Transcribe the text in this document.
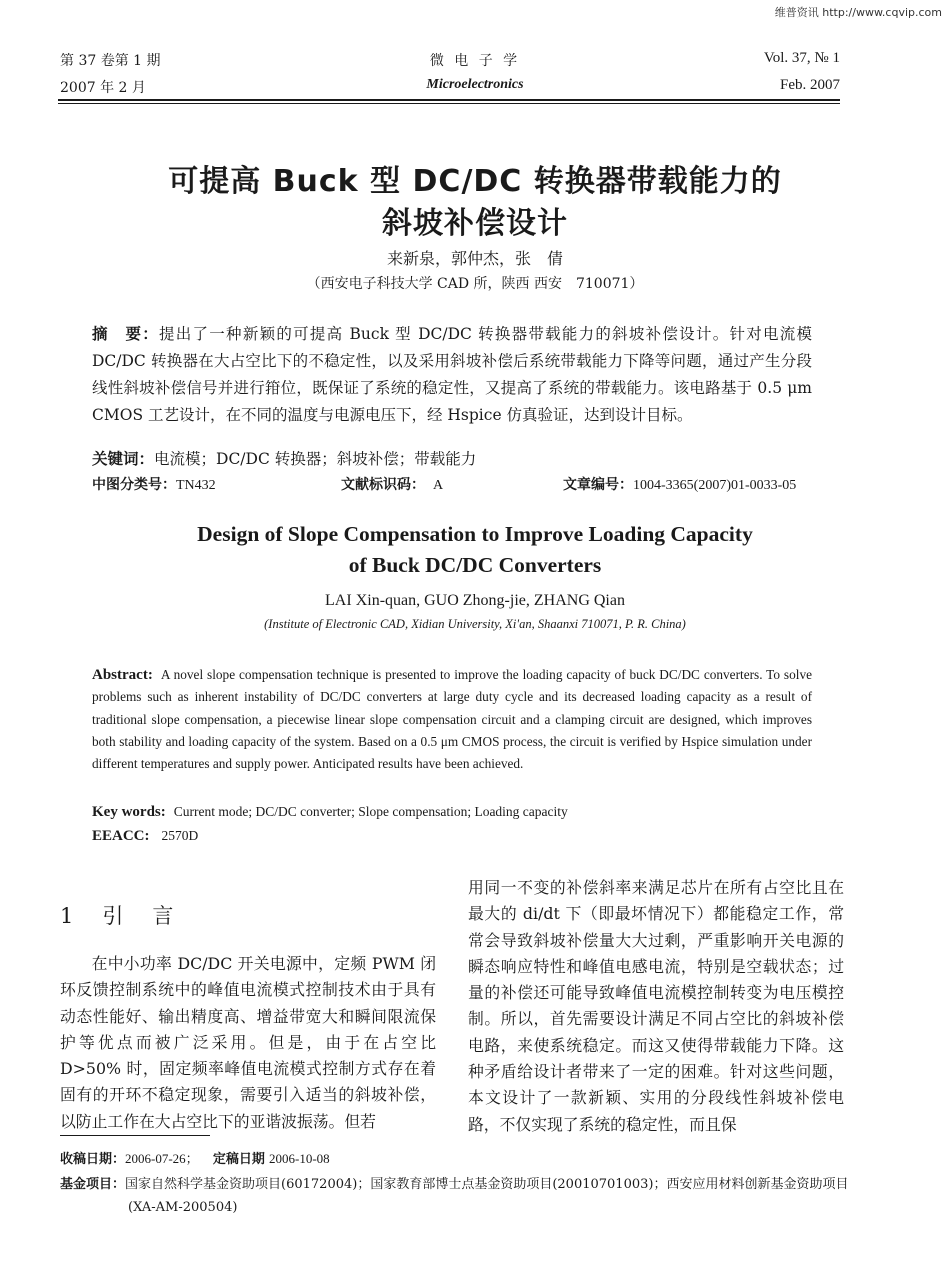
维普资讯 http://www.cqvip.com
第 37 卷第 1 期
2007 年 2 月
微 电 子 学
Microelectronics
Vol. 37, № 1
Feb. 2007
可提高 Buck 型 DC/DC 转换器带载能力的
斜坡补偿设计
来新泉，郭仲杰，张　倩
（西安电子科技大学 CAD 所，陕西 西安　710071）
摘　要：提出了一种新颖的可提高 Buck 型 DC/DC 转换器带载能力的斜坡补偿设计。针对电流模 DC/DC 转换器在大占空比下的不稳定性，以及采用斜坡补偿后系统带载能力下降等问题，通过产生分段线性斜坡补偿信号并进行箝位，既保证了系统的稳定性，又提高了系统的带载能力。该电路基于 0.5 μm CMOS 工艺设计，在不同的温度与电源电压下，经 Hspice 仿真验证，达到设计目标。
关键词：电流模；DC/DC 转换器；斜坡补偿；带载能力
中图分类号：TN432	文献标识码： A	文章编号：1004-3365(2007)01-0033-05
Design of Slope Compensation to Improve Loading Capacity
of Buck DC/DC Converters
LAI Xin-quan, GUO Zhong-jie, ZHANG Qian
(Institute of Electronic CAD, Xidian University, Xi'an, Shaanxi 710071, P. R. China)
Abstract: A novel slope compensation technique is presented to improve the loading capacity of buck DC/DC converters. To solve problems such as inherent instability of DC/DC converters at large duty cycle and its decreased loading capacity as a result of traditional slope compensation, a piecewise linear slope compensation circuit and a clamping circuit are designed, which improves both stability and loading capacity of the system. Based on a 0.5 μm CMOS process, the circuit is verified by Hspice simulation under different temperatures and supply power. Anticipated results have been achieved.
Key words: Current mode; DC/DC converter; Slope compensation; Loading capacity
EEACC: 2570D
1　引　言
在中小功率 DC/DC 开关电源中，定频 PWM 闭环反馈控制系统中的峰值电流模式控制技术由于具有动态性能好、输出精度高、增益带宽大和瞬间限流保护等优点而被广泛采用。但是，由于在占空比 D>50% 时，固定频率峰值电流模式控制方式存在着固有的开环不稳定现象，需要引入适当的斜坡补偿，以防止工作在大占空比下的亚谐波振荡。但若
用同一不变的补偿斜率来满足芯片在所有占空比且在最大的 di/dt 下（即最坏情况下）都能稳定工作，常常会导致斜坡补偿量大大过剩，严重影响开关电源的瞬态响应特性和峰值电感电流，特别是空载状态；过量的补偿还可能导致峰值电流模控制转变为电压模控制。所以，首先需要设计满足不同占空比的斜坡补偿电路，来使系统稳定。而这又使得带载能力下降。这种矛盾给设计者带来了一定的困难。针对这些问题，本文设计了一款新颖、实用的分段线性斜坡补偿电路，不仅实现了系统的稳定性，而且保
收稿日期：2006-07-26； 定稿日期 2006-10-08
基金项目：国家自然科学基金资助项目(60172004)；国家教育部博士点基金资助项目(20010701003)；西安应用材料创新基金资助项目(XA-AM-200504)
